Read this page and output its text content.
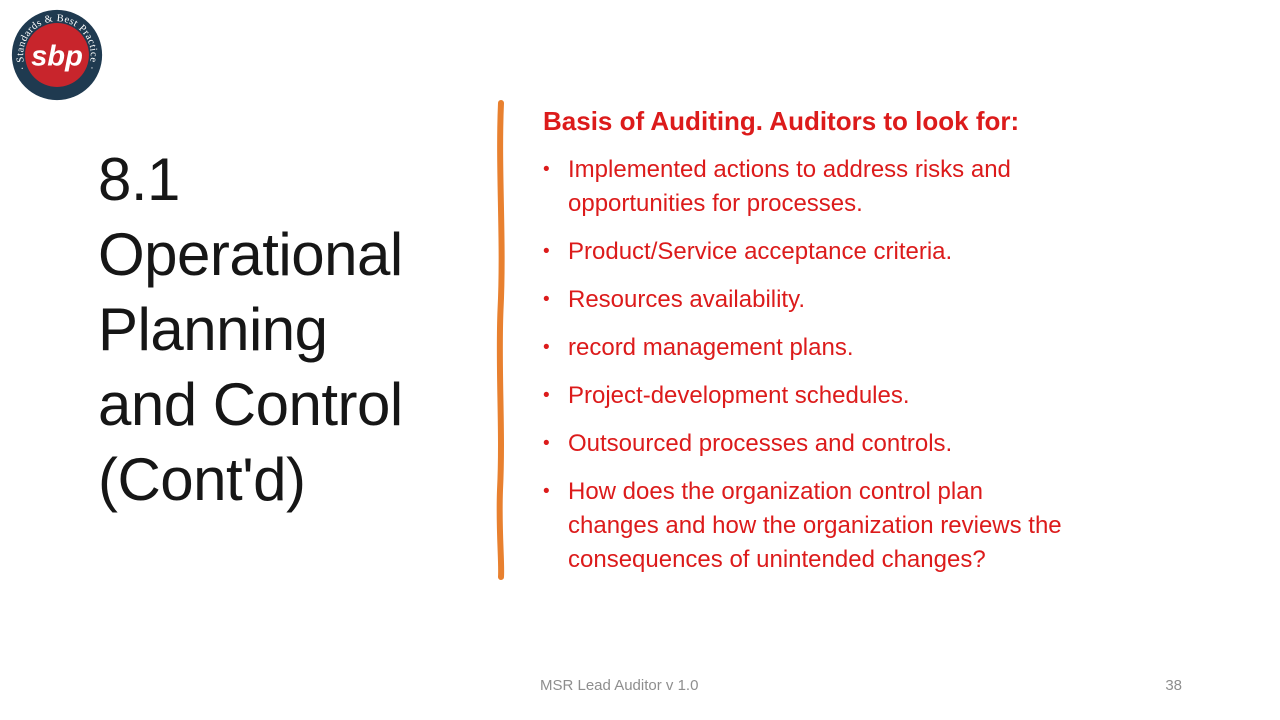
· Standards & Best Practice ·
sbp
8.1
Operational
Planning
and Control
(Cont'd)
Basis of Auditing. Auditors to look for:
• Implemented actions to address risks and
opportunities for processes.
• Product/Service acceptance criteria.
• Resources availability.
• record management plans.
• Project-development schedules.
• Outsourced processes and controls.
• How does the organization control plan
changes and how the organization reviews the
consequences of unintended changes?
MSR Lead Auditor v 1.0	38
